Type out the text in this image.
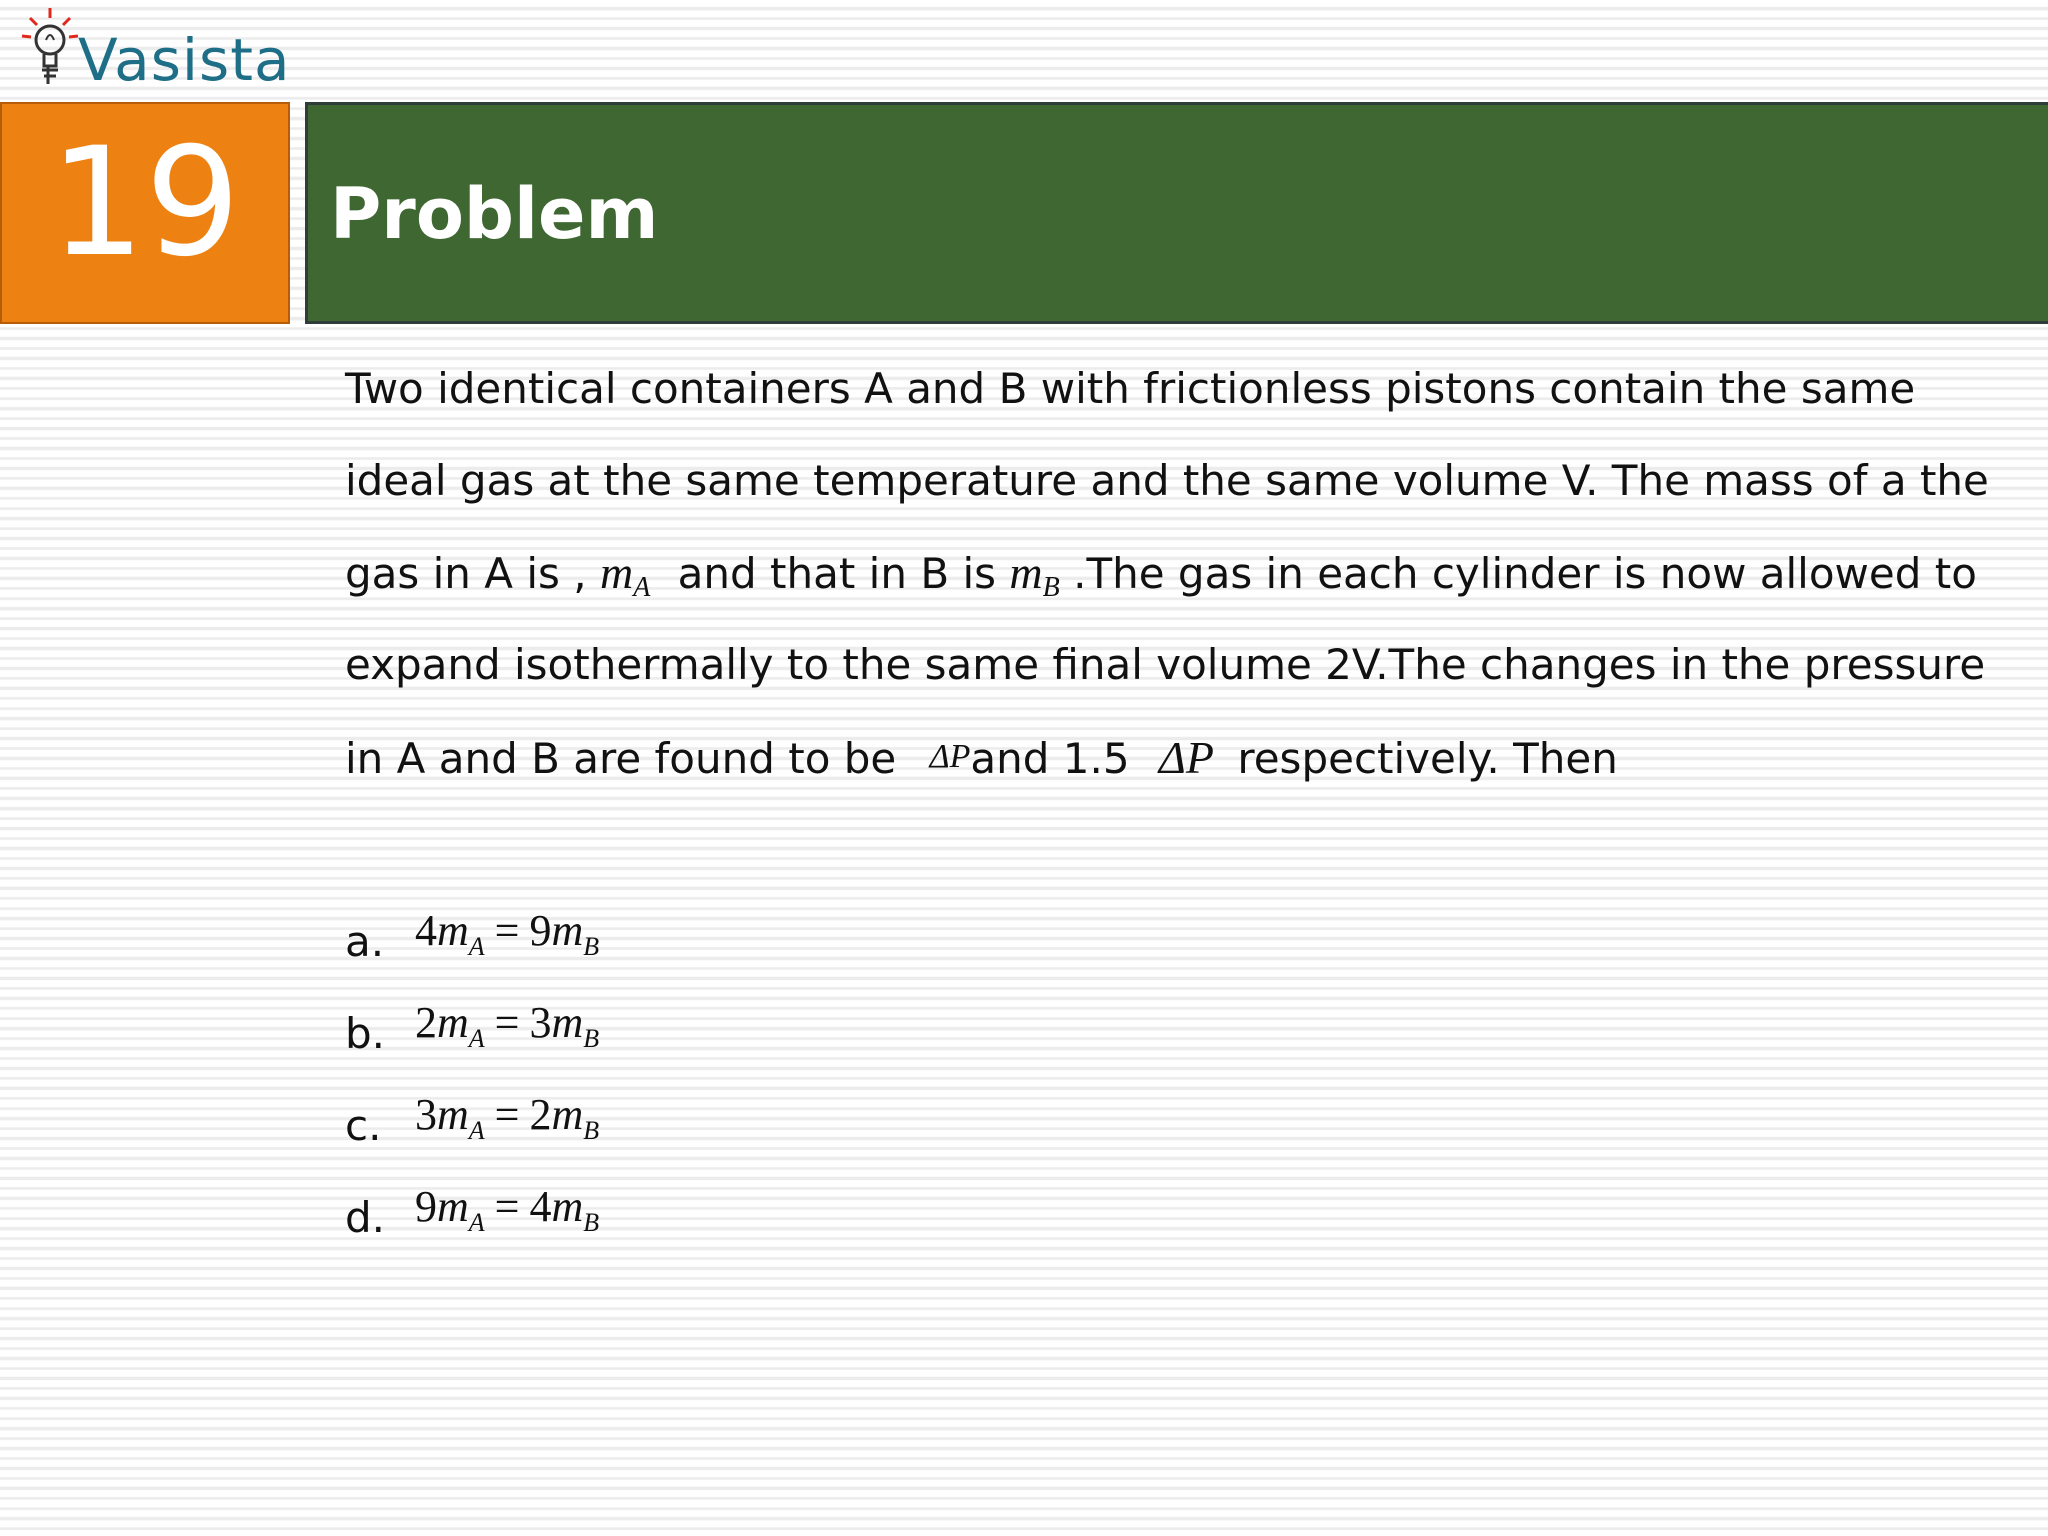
Vasista
19	Problem
Two identical containers A and B with frictionless pistons contain the same
ideal gas at the same temperature and the same volume V. The mass of a the
gas in A is , $m_A$ and that in B is $m_B$ .The gas in each cylinder is now allowed to
expand isothermally to the same final volume 2V.The changes in the pressure
in A and B are found to be ΔPand 1.5 ΔP respectively. Then
a. $4m_A = 9m_B$
b. $2m_A = 3m_B$
c. $3m_A = 2m_B$
d. $9m_A = 4m_B$
